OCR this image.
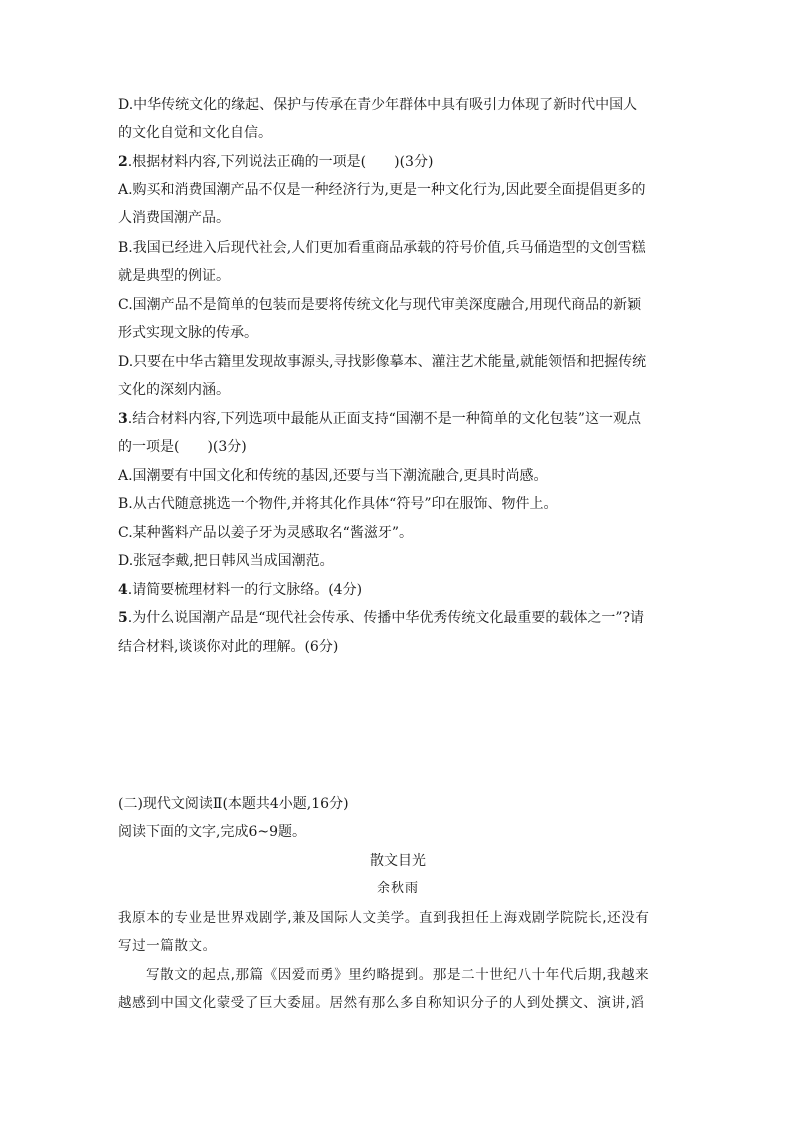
D.中华传统文化的缘起、保护与传承在青少年群体中具有吸引力体现了新时代中国人
的文化自觉和文化自信。
2.根据材料内容,下列说法正确的一项是(　　)(3分)
A.购买和消费国潮产品不仅是一种经济行为,更是一种文化行为,因此要全面提倡更多的
人消费国潮产品。
B.我国已经进入后现代社会,人们更加看重商品承载的符号价值,兵马俑造型的文创雪糕
就是典型的例证。
C.国潮产品不是简单的包装而是要将传统文化与现代审美深度融合,用现代商品的新颖
形式实现文脉的传承。
D.只要在中华古籍里发现故事源头,寻找影像摹本、灌注艺术能量,就能领悟和把握传统
文化的深刻内涵。
3.结合材料内容,下列选项中最能从正面支持“国潮不是一种简单的文化包装”这一观点
的一项是(　　)(3分)
A.国潮要有中国文化和传统的基因,还要与当下潮流融合,更具时尚感。
B.从古代随意挑选一个物件,并将其化作具体“符号”印在服饰、物件上。
C.某种酱料产品以姜子牙为灵感取名“酱滋牙”。
D.张冠李戴,把日韩风当成国潮范。
4.请简要梳理材料一的行文脉络。(4分)
5.为什么说国潮产品是“现代社会传承、传播中华优秀传统文化最重要的载体之一”?请
结合材料,谈谈你对此的理解。(6分)
(二)现代文阅读Ⅱ(本题共4小题,16分)
阅读下面的文字,完成6~9题。
散文目光
余秋雨
我原本的专业是世界戏剧学,兼及国际人文美学。直到我担任上海戏剧学院院长,还没有
写过一篇散文。
写散文的起点,那篇《因爱而勇》里约略提到。那是二十世纪八十年代后期,我越来
越感到中国文化蒙受了巨大委屈。居然有那么多自称知识分子的人到处撰文、演讲,滔
